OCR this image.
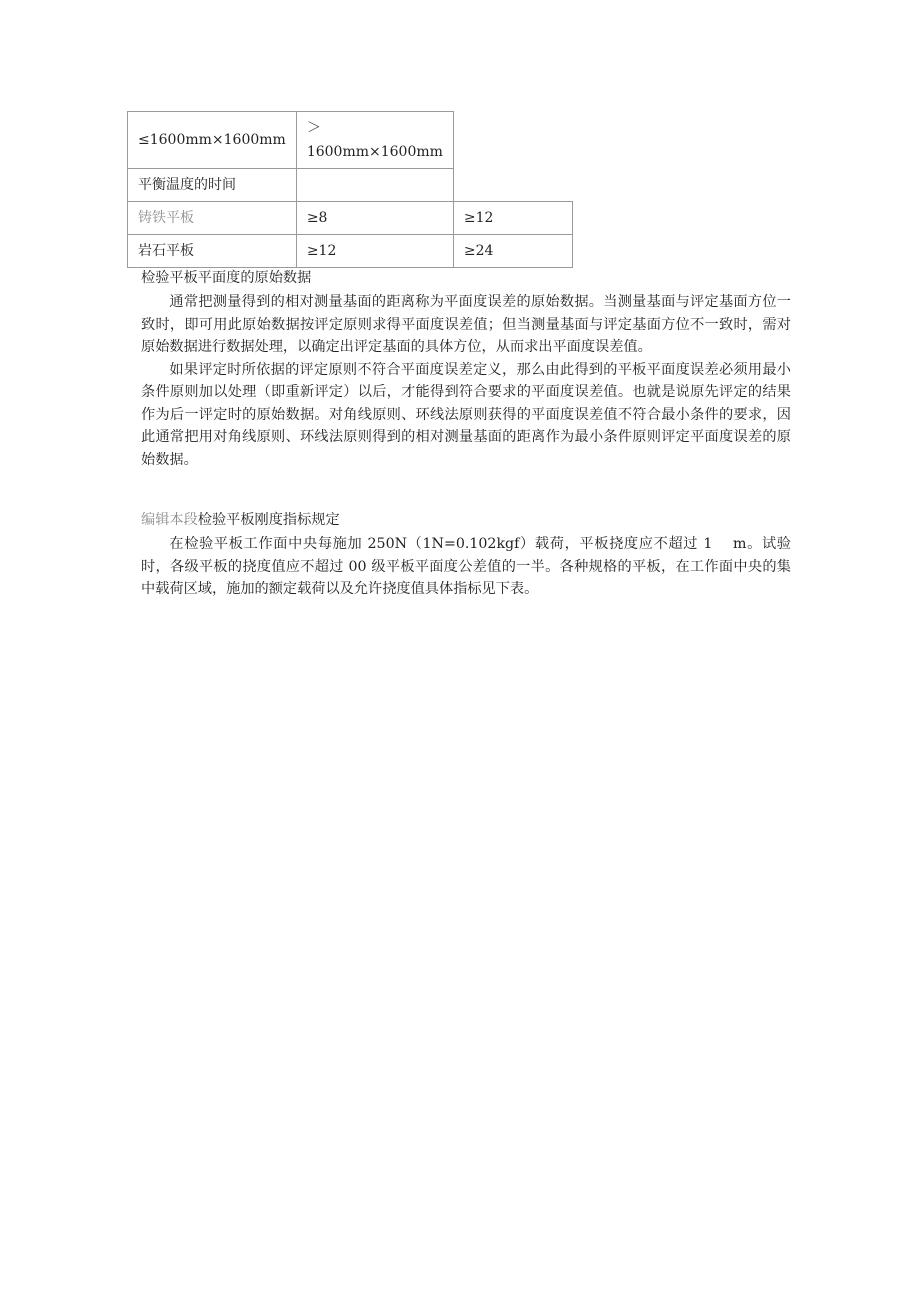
≤1600mm×1600mm	＞1600mm×1600mm	
平衡温度的时间		
铸铁平板	≥8	≥12
岩石平板	≥12	≥24
检验平板平面度的原始数据

通常把测量得到的相对测量基面的距离称为平面度误差的原始数据。当测量基面与评定基面方位一致时，即可用此原始数据按评定原则求得平面度误差值；但当测量基面与评定基面方位不一致时，需对原始数据进行数据处理，以确定出评定基面的具体方位，从而求出平面度误差值。

如果评定时所依据的评定原则不符合平面度误差定义，那么由此得到的平板平面度误差必须用最小条件原则加以处理（即重新评定）以后，才能得到符合要求的平面度误差值。也就是说原先评定的结果作为后一评定时的原始数据。对角线原则、环线法原则获得的平面度误差值不符合最小条件的要求，因此通常把用对角线原则、环线法原则得到的相对测量基面的距离作为最小条件原则评定平面度误差的原始数据。

编辑本段检验平板刚度指标规定

在检验平板工作面中央每施加 250N（1N=0.102kgf）载荷，平板挠度应不超过 1　 m。试验时，各级平板的挠度值应不超过 00 级平板平面度公差值的一半。各种规格的平板，在工作面中央的集中载荷区域，施加的额定载荷以及允许挠度值具体指标见下表。
